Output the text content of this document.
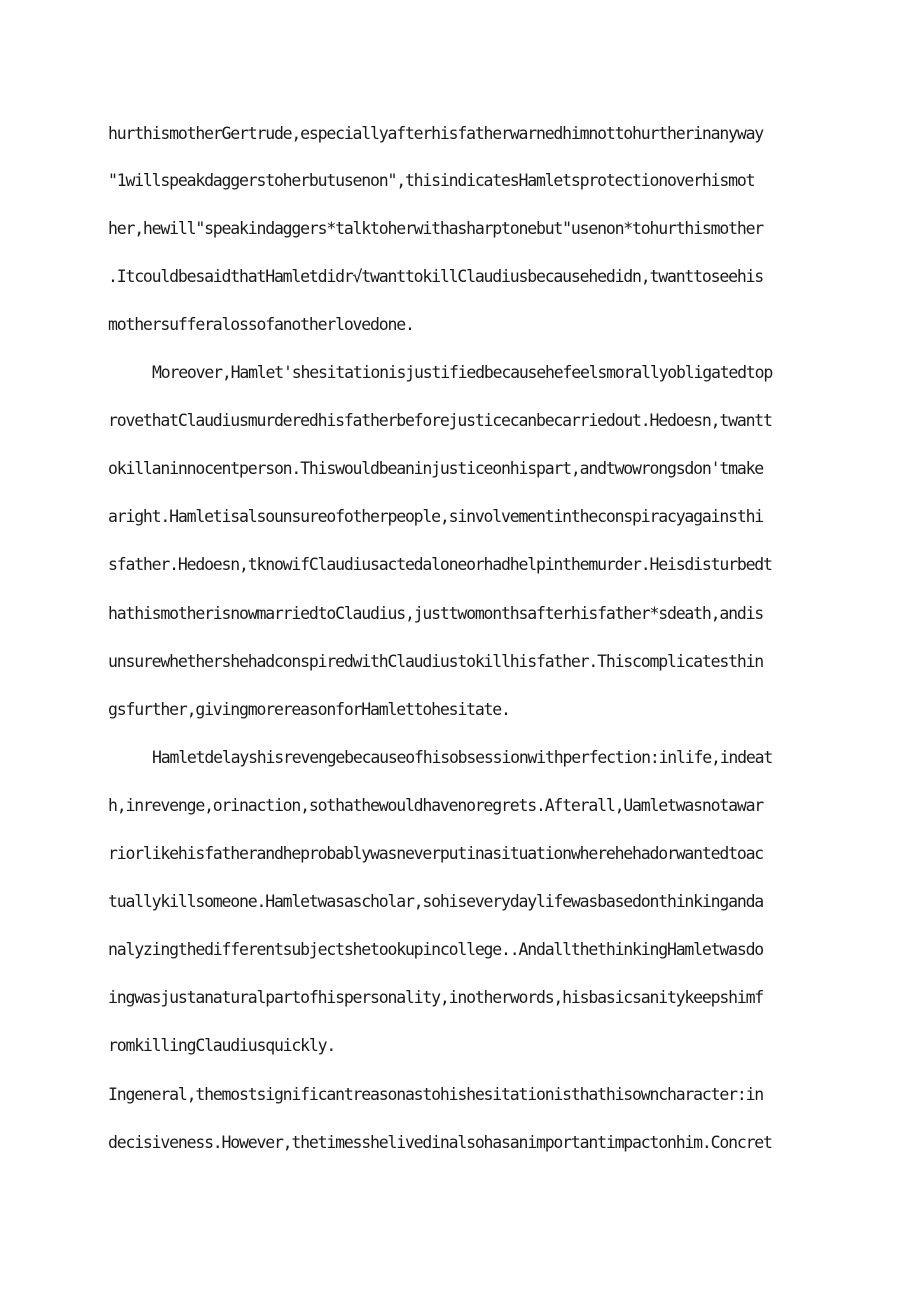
hurthismotherGertrude,especiallyafterhisfatherwarnedhimnottohurtherinanyway
"1willspeakdaggerstoherbutusenon",thisindicatesHamletsprotectionoverhismot
her,hewill"speakindaggers*talktoherwithasharptonebut"usenon*tohurthismother
.ItcouldbesaidthatHamletdidr√twanttokillClaudiusbecausehedidn,twanttoseehis
mothersufferalossofanotherlovedone.
Moreover,Hamlet'shesitationisjustifiedbecausehefeelsmorallyobligatedtop
rovethatClaudiusmurderedhisfatherbeforejusticecanbecarriedout.Hedoesn,twantt
okillaninnocentperson.Thiswouldbeaninjusticeonhispart,andtwowrongsdon'tmake
aright.Hamletisalsounsureofotherpeople,sinvolvementintheconspiracyagainsthi
sfather.Hedoesn,tknowifClaudiusactedaloneorhadhelpinthemurder.Heisdisturbedt
hathismotherisnowmarriedtoClaudius,justtwomonthsafterhisfather*sdeath,andis
unsurewhethershehadconspiredwithClaudiustokillhisfather.Thiscomplicatesthin
gsfurther,givingmorereasonforHamlettohesitate.
Hamletdelayshisrevengebecauseofhisobsessionwithperfection:inlife,indeat
h,inrevenge,orinaction,sothathewouldhavenoregrets.Afterall,Uamletwasnotawar
riorlikehisfatherandheprobablywasneverputinasituationwherehehadorwantedtoac
tuallykillsomeone.Hamletwasascholar,sohiseverydaylifewasbasedonthinkinganda
nalyzingthedifferentsubjectshetookupincollege..AndallthethinkingHamletwasdo
ingwasjustanaturalpartofhispersonality,inotherwords,hisbasicsanitykeepshimf
romkillingClaudiusquickly.
Ingeneral,themostsignificantreasonastohishesitationisthathisowncharacter:in
decisiveness.However,thetimesshelivedinalsohasanimportantimpactonhim.Concret
